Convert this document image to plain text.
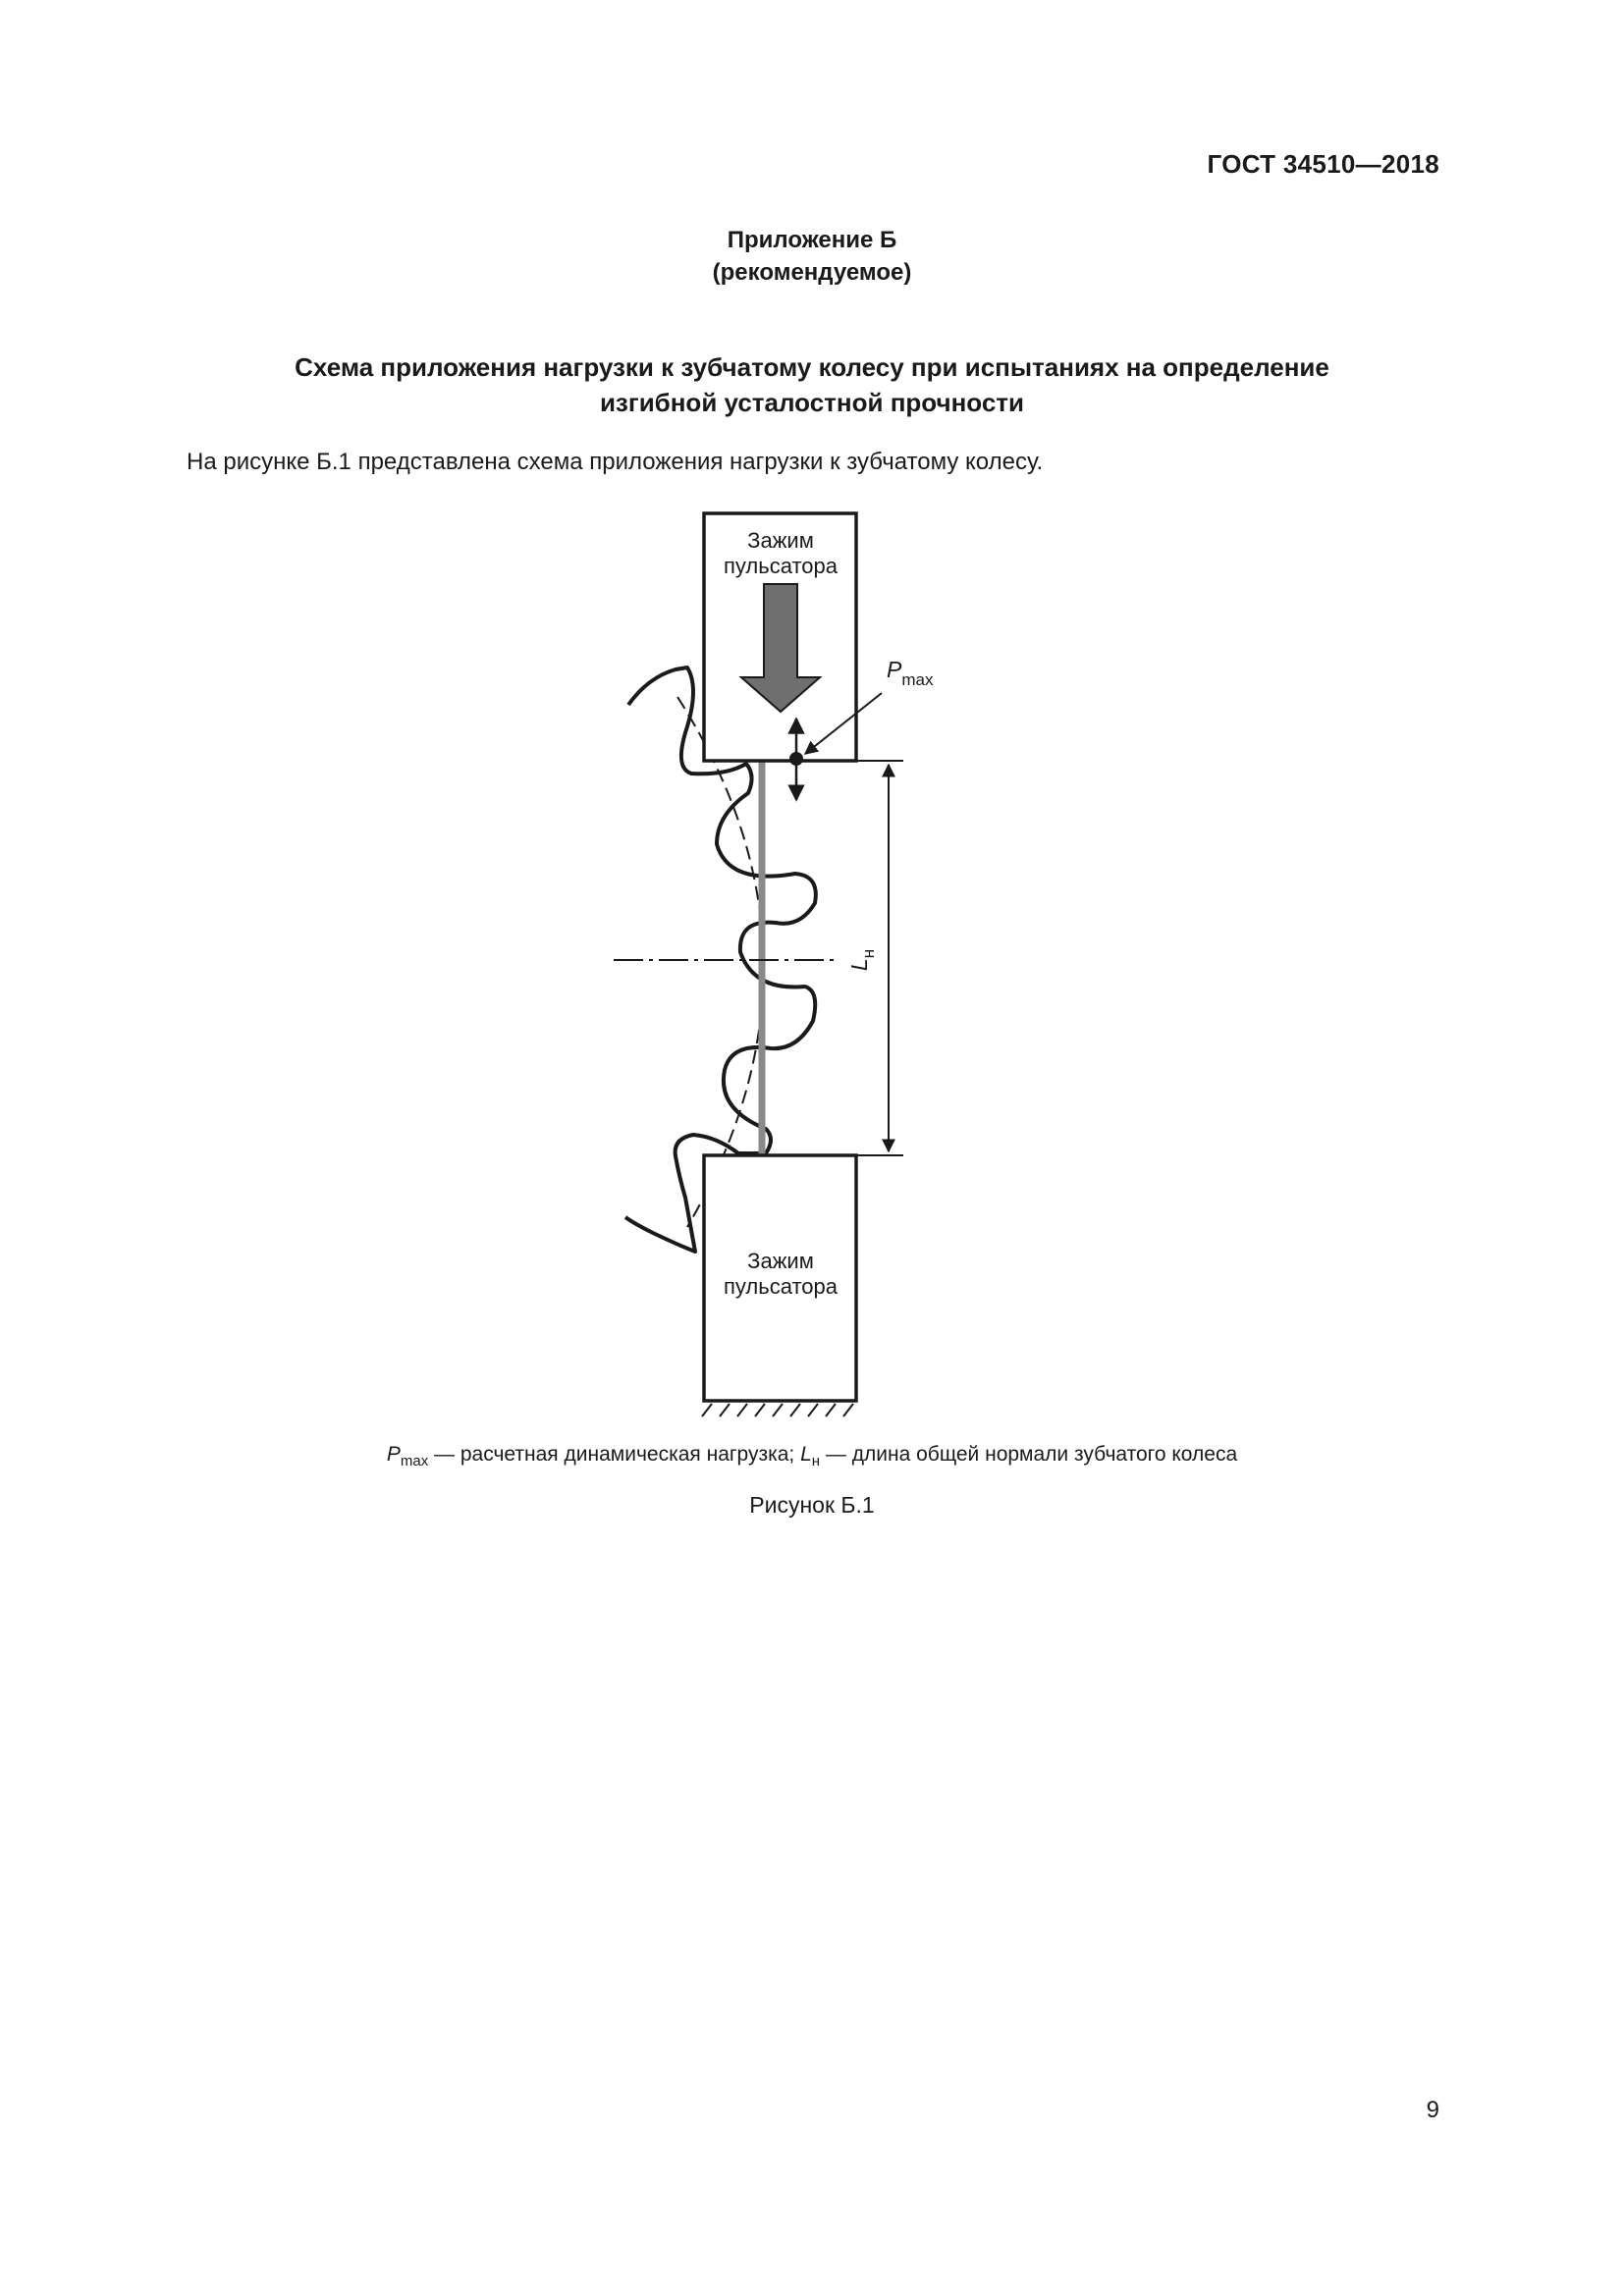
ГОСТ 34510—2018
Приложение Б
(рекомендуемое)
Схема приложения нагрузки к зубчатому колесу при испытаниях на определение
изгибной усталостной прочности
На рисунке Б.1 представлена схема приложения нагрузки к зубчатому колесу.
Зажим
пульсатора
$P_{max}$
$L_н$
Зажим
пульсатора
$P_{max}$ — расчетная динамическая нагрузка; $L_н$ — длина общей нормали зубчатого колеса
Рисунок Б.1
9
